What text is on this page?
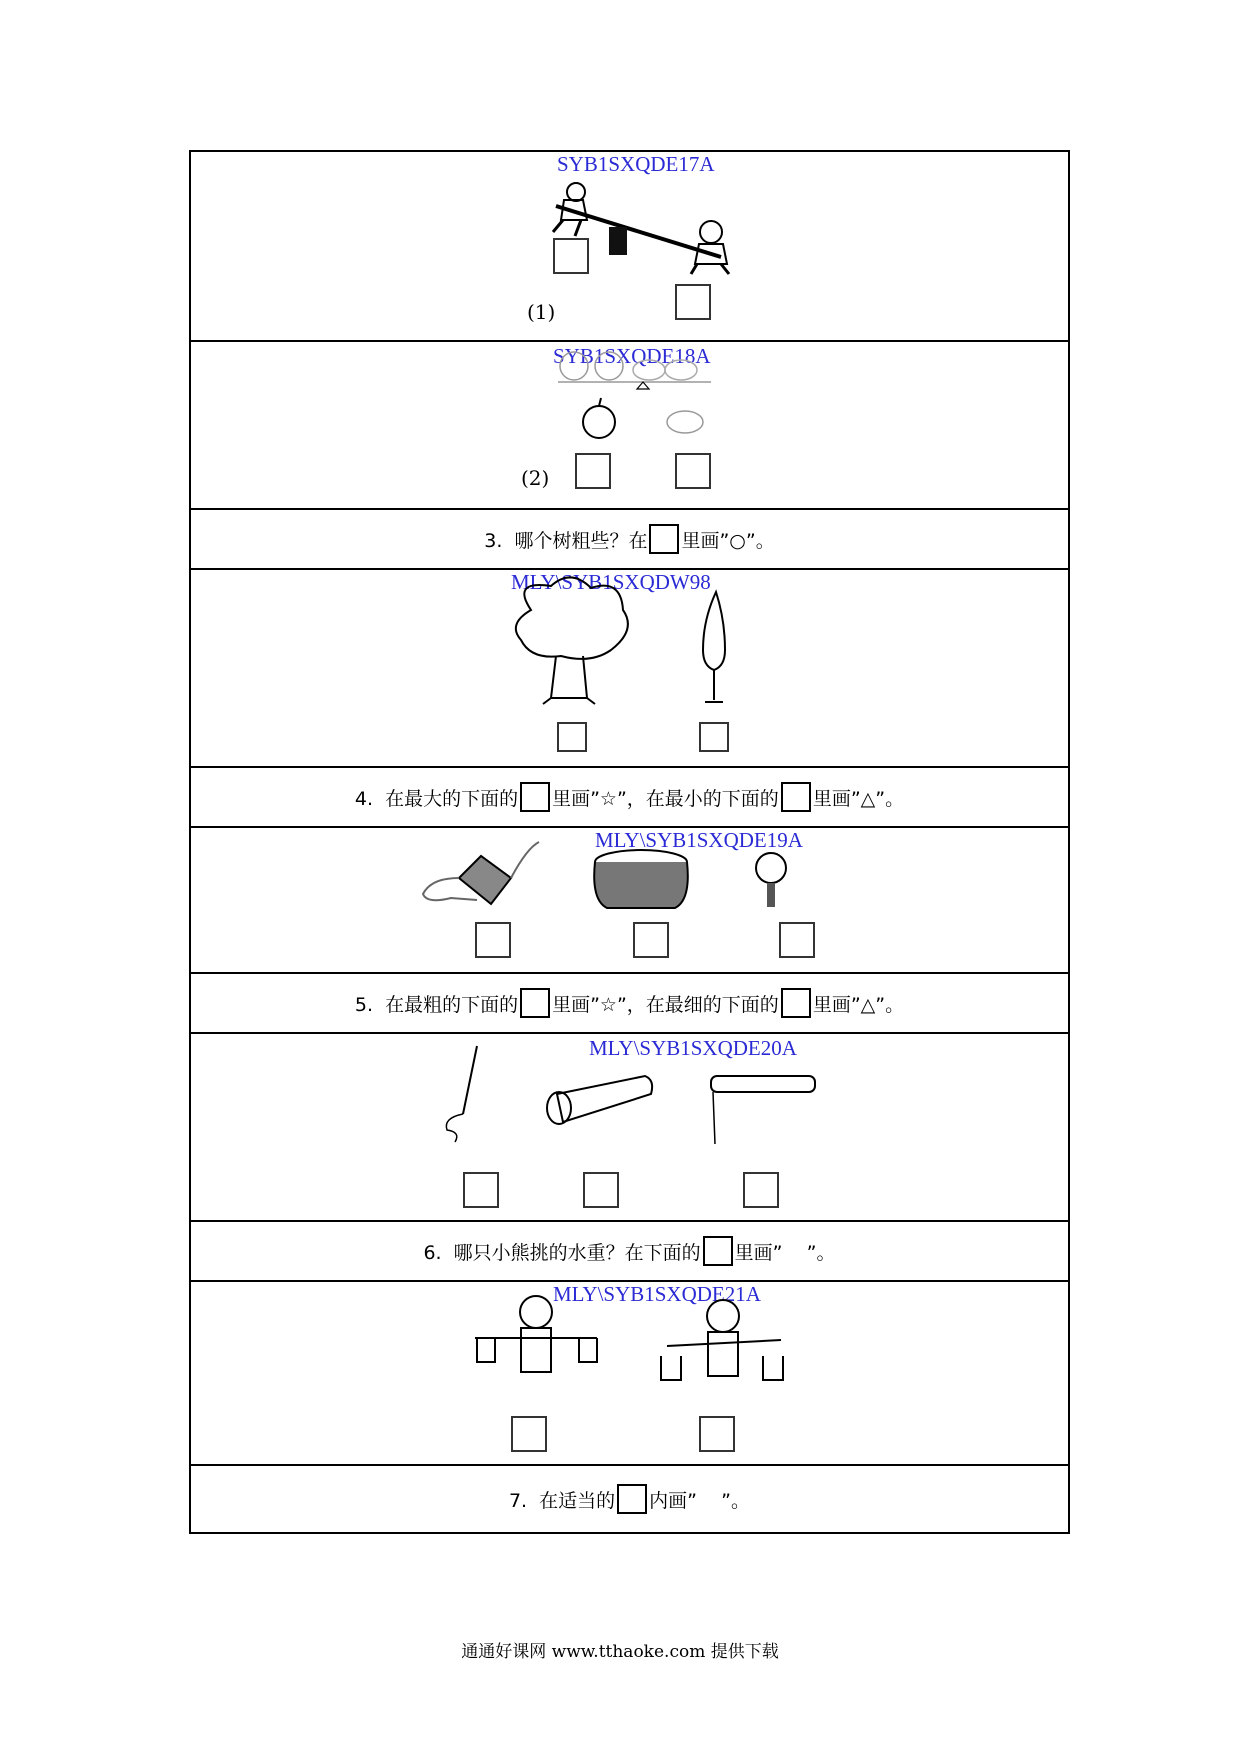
SYB1SXQDE17A
(1)
SYB1SXQDE18A
(2)
3.  哪个树粗些？在 里画”○”。
MLY\SYB1SXQDW98
4.  在最大的下面的 里画”☆”，在最小的下面的 里画”△”。
MLY\SYB1SXQDE19A
5.  在最粗的下面的 里画”☆”，在最细的下面的 里画”△”。
MLY\SYB1SXQDE20A
6.  哪只小熊挑的水重？在下面的 里画”    ”。
MLY\SYB1SXQDE21A
7.  在适当的 内画”    ”。
通通好课网 www.tthaoke.com 提供下载
